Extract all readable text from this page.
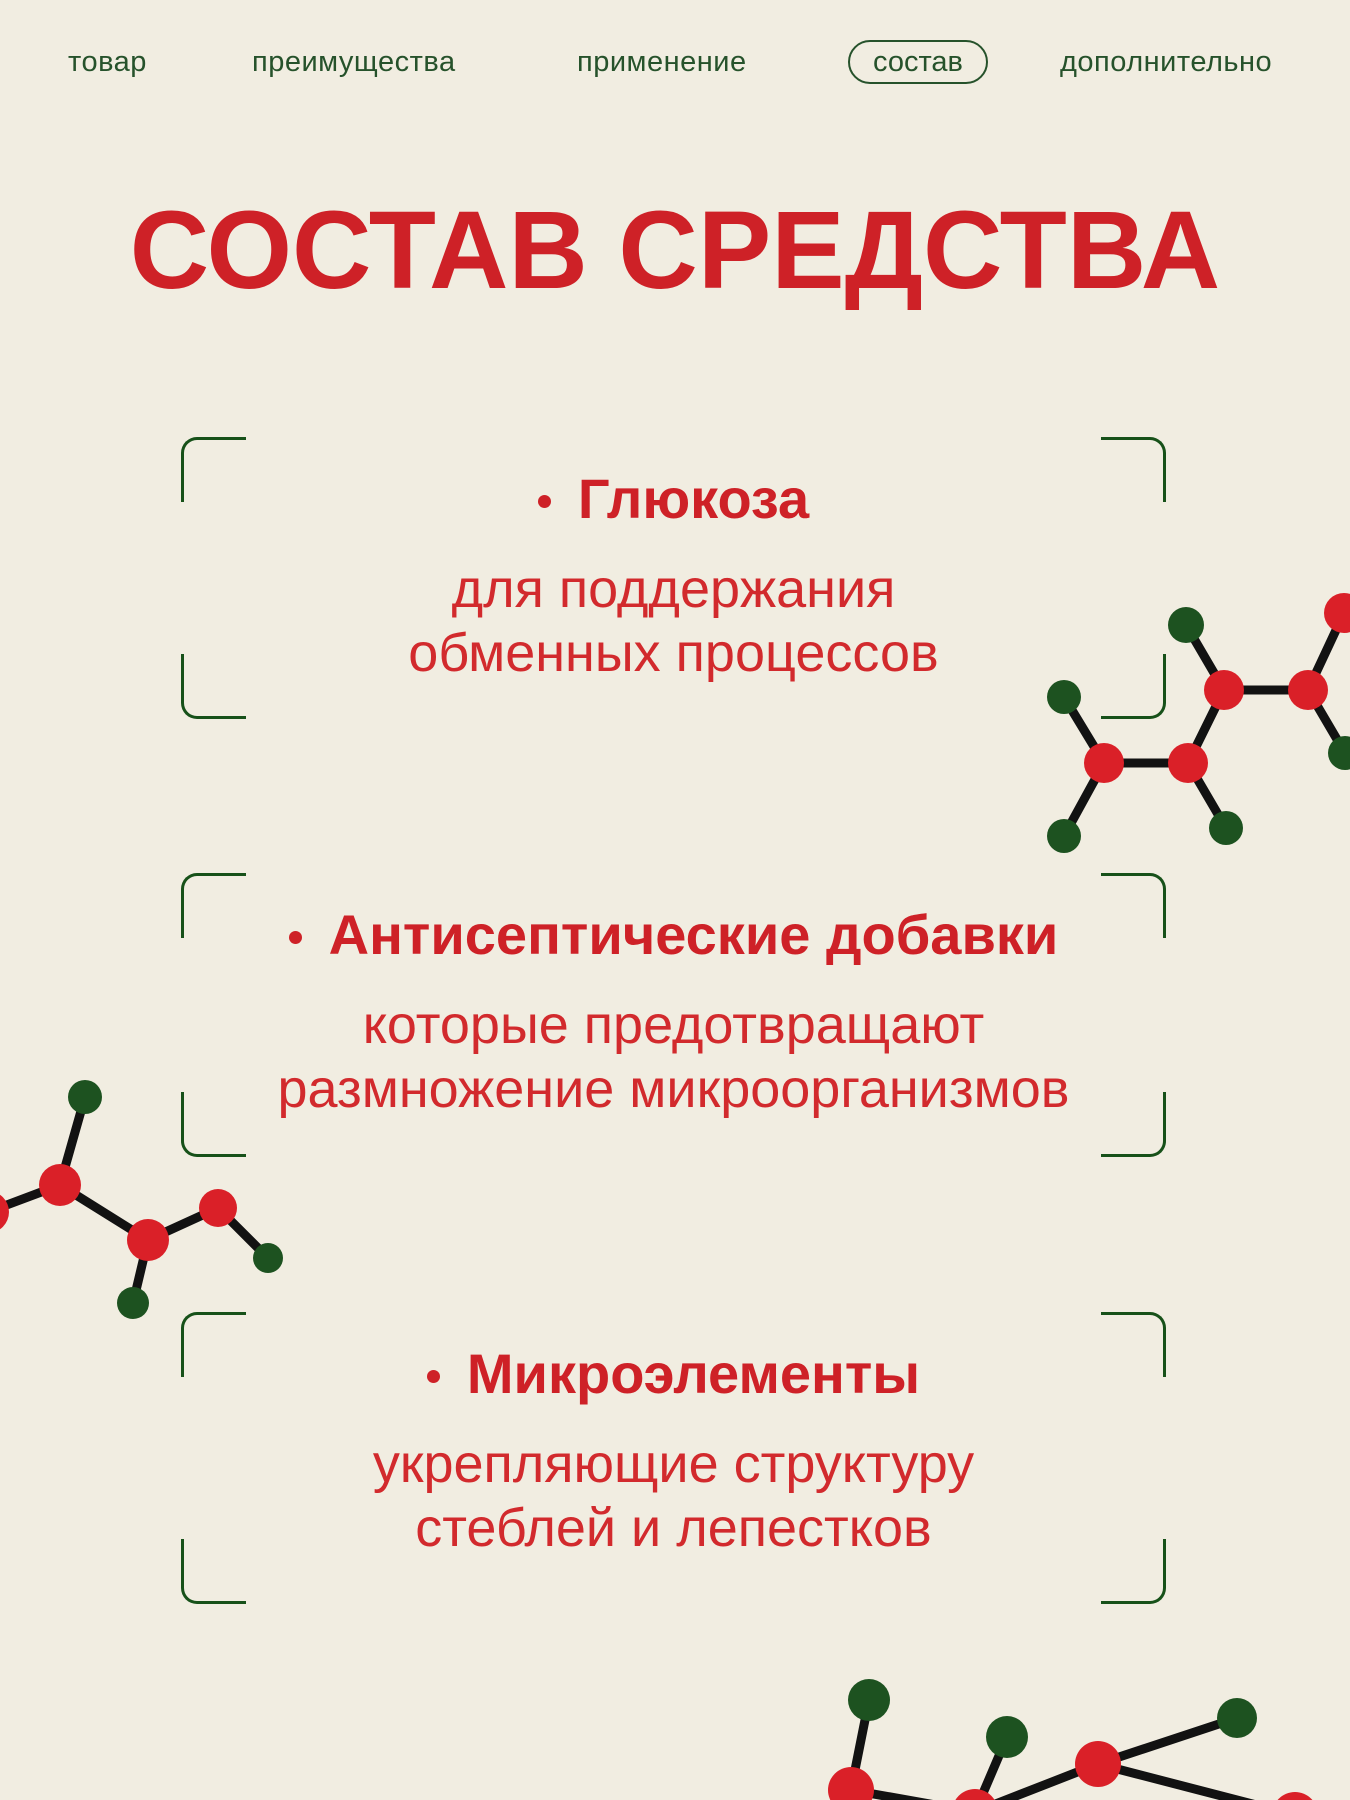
товар	преимущества	применение	состав	дополнительно
СОСТАВ СРЕДСТВА
Глюкоза
для поддержания
обменных процессов
Антисептические добавки
которые предотвращают
размножение микроорганизмов
Микроэлементы
укрепляющие структуру
стеблей и лепестков
